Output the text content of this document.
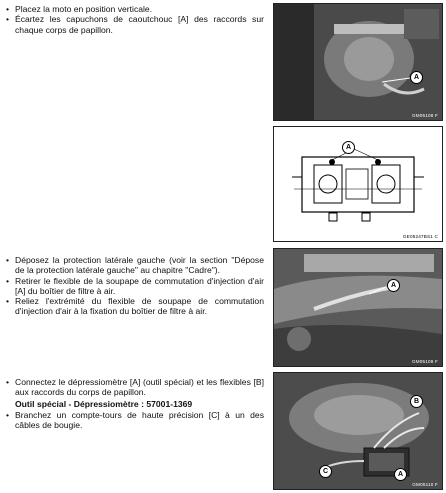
• Placez la moto en position verticale.
• Écartez les capuchons de caoutchouc [A] des raccords sur chaque corps de papillon.
• Déposez la protection latérale gauche (voir la section "Dépose de la protection latérale gauche" au chapitre "Cadre").
• Retirer le flexible de la soupape de commutation d'injection d'air [A] du boîtier de filtre à air.
• Reliez l'extrémité du flexible de soupape de commutation d'injection d'air à la fixation du boîtier de filtre à air.
• Connectez le dépressiomètre [A] (outil spécial) et les flexibles [B] aux raccords du corps de papillon.
Outil spécial - Dépressiomètre : 57001-1369
• Branchez un compte-tours de haute précision [C] à un des câbles de bougie.
A
GM05108 F
A
GE05247BS1 C
A
GM05109 F
A
B
C
GM05110 F
